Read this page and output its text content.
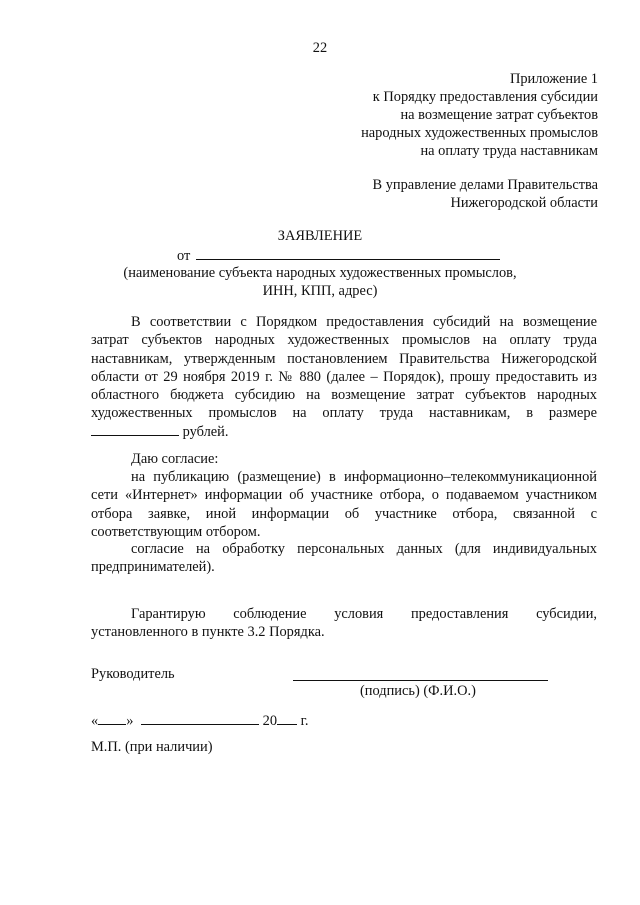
22
Приложение 1
к Порядку предоставления субсидии
на возмещение затрат субъектов
народных художественных промыслов
на оплату труда наставникам
В управление делами Правительства
Нижегородской области
ЗАЯВЛЕНИЕ
от
(наименование субъекта народных художественных промыслов,
ИНН, КПП, адрес)
В соответствии с Порядком предоставления субсидий на возмещение затрат субъектов народных художественных промыслов на оплату труда наставникам, утвержденным постановлением Правительства Нижегородской области от 29 ноября 2019 г. № 880 (далее – Порядок), прошу предоставить из областного бюджета субсидию на возмещение затрат субъектов народных художественных промыслов на оплату труда наставникам, в размере  рублей.
Даю согласие:
на публикацию (размещение) в информационно–телекоммуникационной сети «Интернет» информации об участнике отбора, о подаваемом участником отбора заявке, иной информации об участнике отбора, связанной с соответствующим отбором.
согласие на обработку персональных данных (для индивидуальных предпринимателей).
Гарантирую соблюдение условия предоставления субсидии, установленного в пункте 3.2 Порядка.
Руководитель
(подпись) (Ф.И.О.)
« »	20 г.
М.П. (при наличии)
